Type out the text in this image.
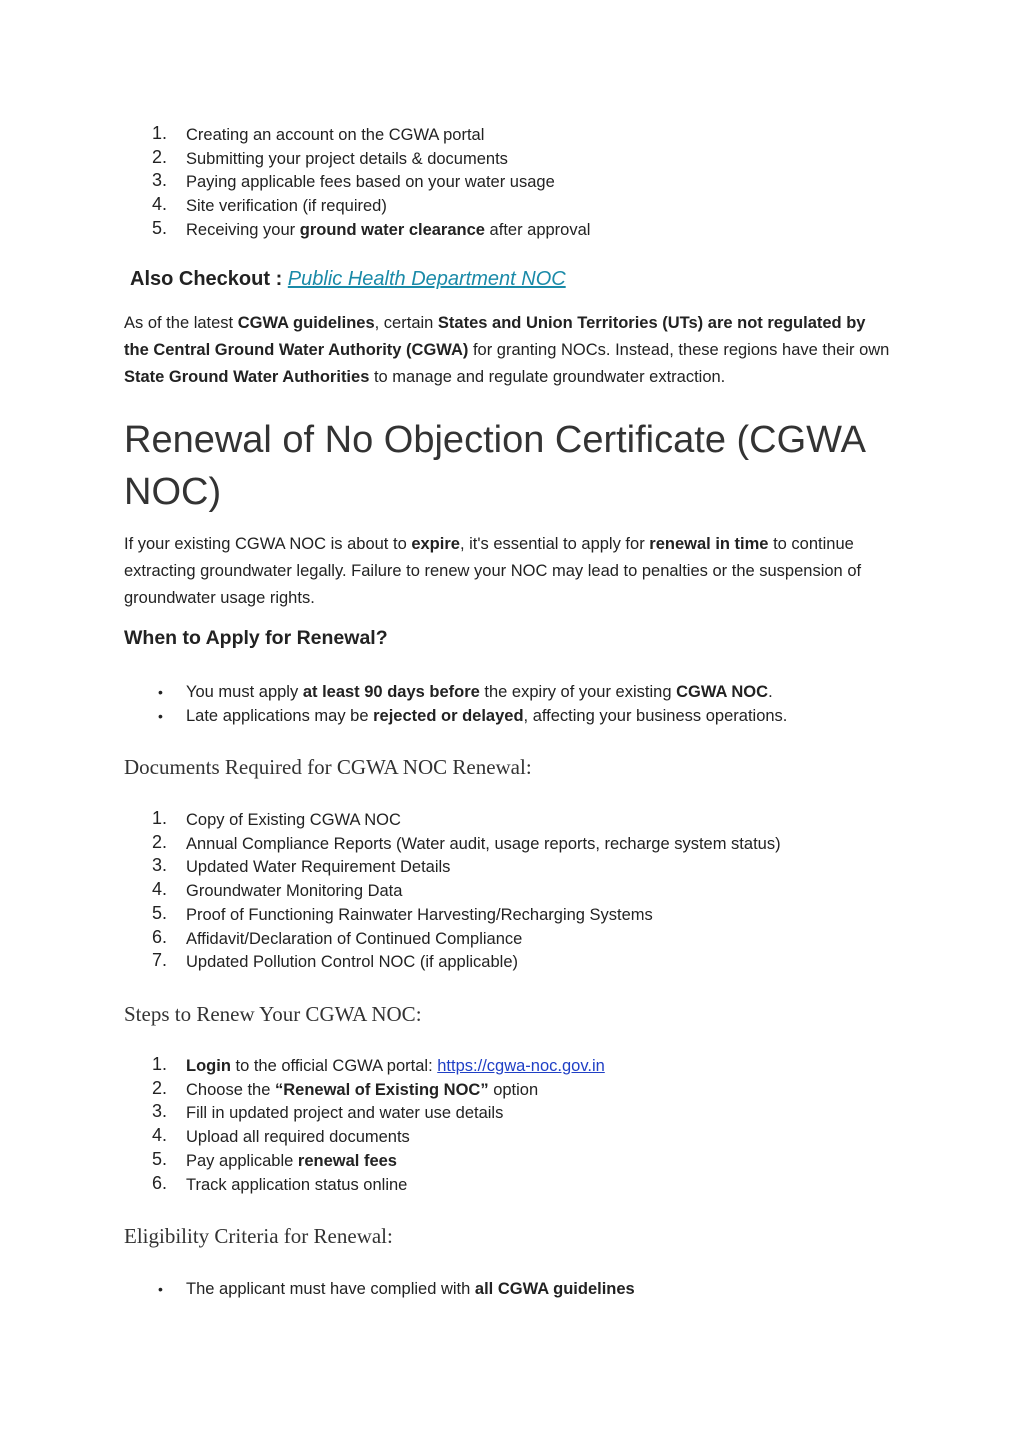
1. Creating an account on the CGWA portal
2. Submitting your project details & documents
3. Paying applicable fees based on your water usage
4. Site verification (if required)
5. Receiving your ground water clearance after approval
Also Checkout : Public Health Department NOC

As of the latest CGWA guidelines, certain States and Union Territories (UTs) are not regulated by the Central Ground Water Authority (CGWA) for granting NOCs. Instead, these regions have their own State Ground Water Authorities to manage and regulate groundwater extraction.

Renewal of No Objection Certificate (CGWA NOC)

If your existing CGWA NOC is about to expire, it's essential to apply for renewal in time to continue extracting groundwater legally. Failure to renew your NOC may lead to penalties or the suspension of groundwater usage rights.

When to Apply for Renewal?
• You must apply at least 90 days before the expiry of your existing CGWA NOC.
• Late applications may be rejected or delayed, affecting your business operations.
Documents Required for CGWA NOC Renewal:
1. Copy of Existing CGWA NOC
2. Annual Compliance Reports (Water audit, usage reports, recharge system status)
3. Updated Water Requirement Details
4. Groundwater Monitoring Data
5. Proof of Functioning Rainwater Harvesting/Recharging Systems
6. Affidavit/Declaration of Continued Compliance
7. Updated Pollution Control NOC (if applicable)
Steps to Renew Your CGWA NOC:
1. Login to the official CGWA portal: https://cgwa-noc.gov.in
2. Choose the “Renewal of Existing NOC” option
3. Fill in updated project and water use details
4. Upload all required documents
5. Pay applicable renewal fees
6. Track application status online
Eligibility Criteria for Renewal:
• The applicant must have complied with all CGWA guidelines
